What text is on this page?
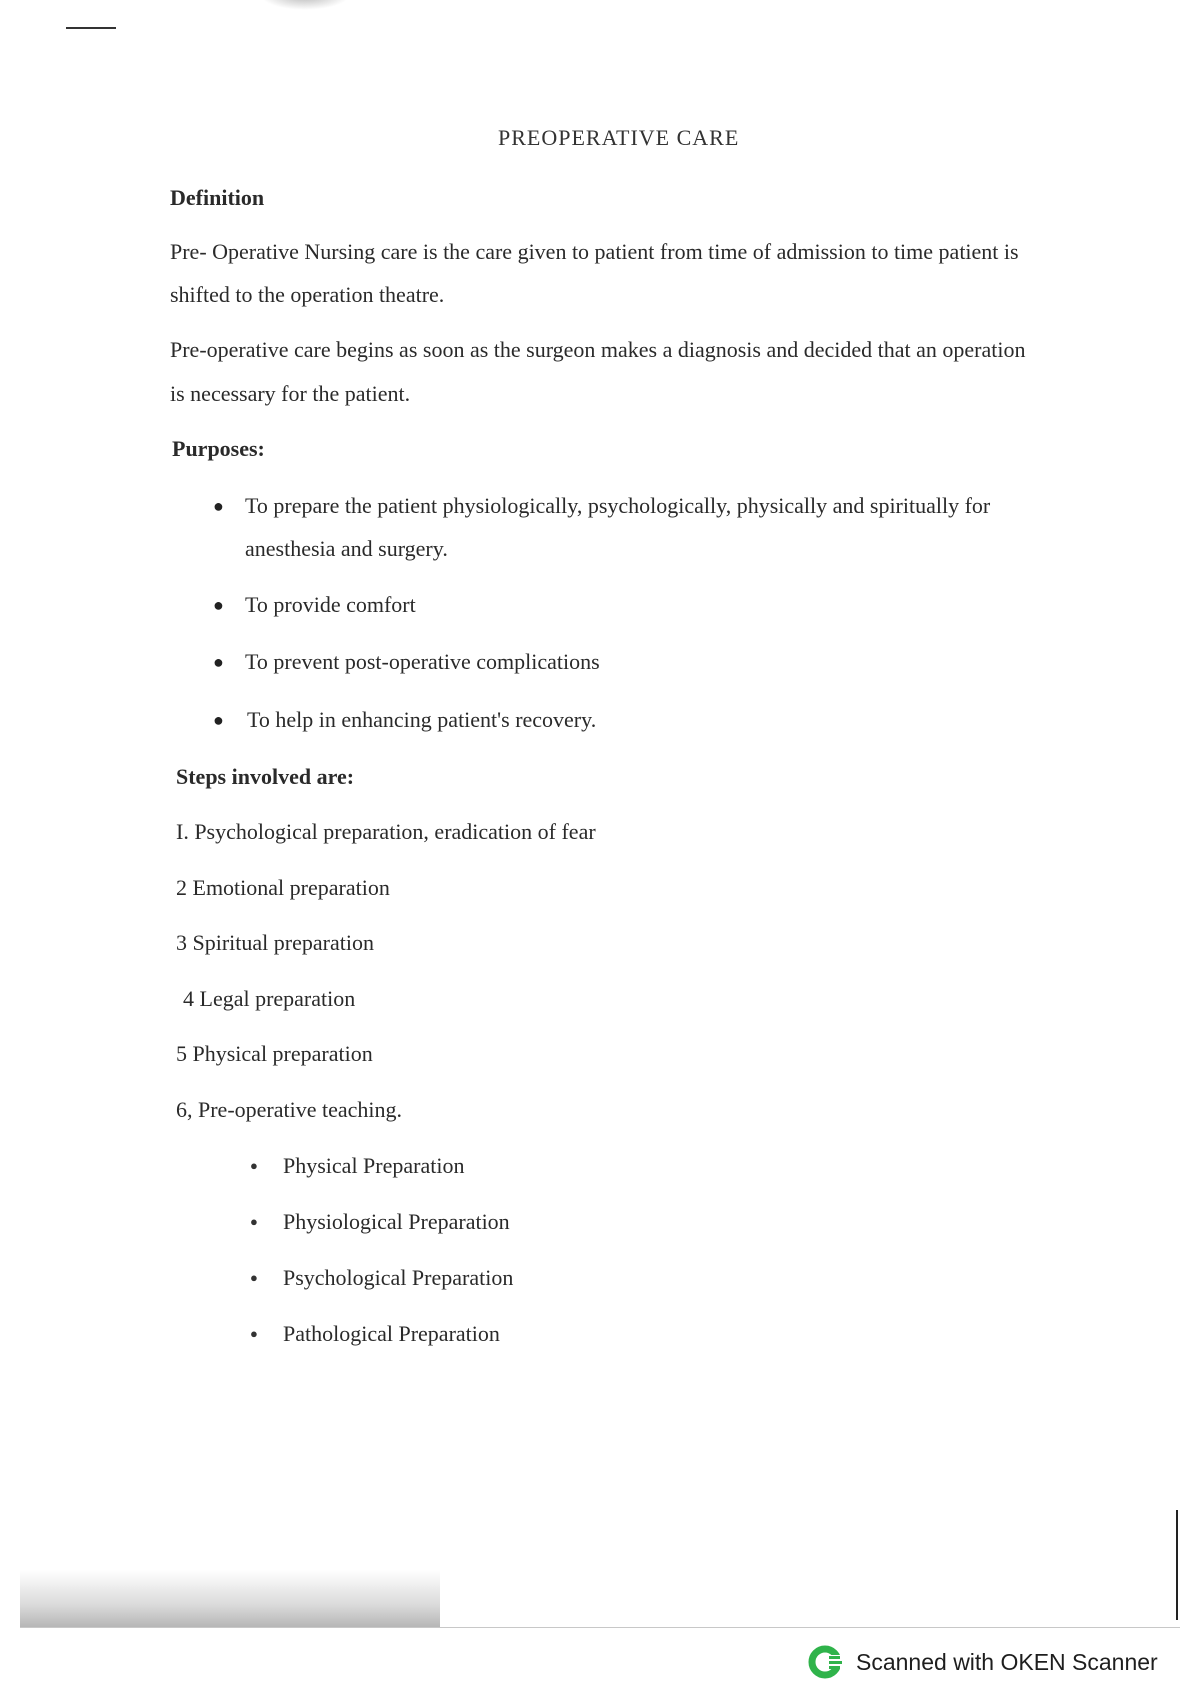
PREOPERATIVE CARE
Definition
Pre- Operative Nursing care is the care given to patient from time of admission to time patient is
shifted to the operation theatre.
Pre-operative care begins as soon as the surgeon makes a diagnosis and decided that an operation
is necessary for the patient.
Purposes:
● To prepare the patient physiologically, psychologically, physically and spiritually for
anesthesia and surgery.
● To provide comfort
● To prevent post-operative complications
● To help in enhancing patient's recovery.
Steps involved are:
I. Psychological preparation, eradication of fear
2 Emotional preparation
3 Spiritual preparation
4 Legal preparation
5 Physical preparation
6, Pre-operative teaching.
● Physical Preparation
● Physiological Preparation
● Psychological Preparation
● Pathological Preparation
Scanned with OKEN Scanner
